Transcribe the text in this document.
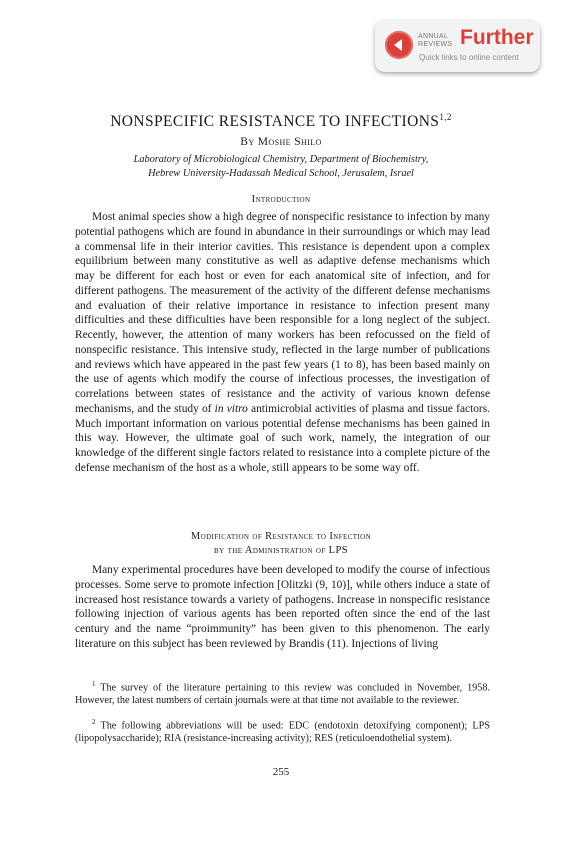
ANNUAL
REVIEWS Further
Quick links to online content
NONSPECIFIC RESISTANCE TO INFECTIONS$^{1,2}$
By Moshe Shilo
Laboratory of Microbiological Chemistry, Department of Biochemistry,
Hebrew University-Hadassah Medical School, Jerusalem, Israel
Introduction
Most animal species show a high degree of nonspecific resistance to infection by many potential pathogens which are found in abundance in their surroundings or which may lead a commensal life in their interior cavities. This resistance is dependent upon a complex equilibrium between many constitutive as well as adaptive defense mechanisms which may be different for each host or even for each anatomical site of infection, and for different pathogens. The measurement of the activity of the different defense mechanisms and evaluation of their relative importance in resistance to infection present many difficulties and these difficulties have been responsible for a long neglect of the subject. Recently, however, the attention of many workers has been refocussed on the field of nonspecific resistance. This intensive study, reflected in the large number of publications and reviews which have appeared in the past few years (1 to 8), has been based mainly on the use of agents which modify the course of infectious processes, the investigation of correlations between states of resistance and the activity of various known defense mechanisms, and the study of in vitro antimicrobial activities of plasma and tissue factors. Much important information on various potential defense mechanisms has been gained in this way. However, the ultimate goal of such work, namely, the integration of our knowledge of the different single factors related to resistance into a complete picture of the defense mechanism of the host as a whole, still appears to be some way off.
Modification of Resistance to Infection
by the Administration of LPS
Many experimental procedures have been developed to modify the course of infectious processes. Some serve to promote infection [Olitzki (9, 10)], while others induce a state of increased host resistance towards a variety of pathogens. Increase in nonspecific resistance following injection of various agents has been reported often since the end of the last century and the name “proimmunity” has been given to this phenomenon. The early literature on this subject has been reviewed by Brandis (11). Injections of living
$^1$ The survey of the literature pertaining to this review was concluded in November, 1958. However, the latest numbers of certain journals were at that time not available to the reviewer.
$^2$ The following abbreviations will be used: EDC (endotoxin detoxifying component); LPS (lipopolysaccharide); RIA (resistance-increasing activity); RES (reticuloendothelial system).
255
